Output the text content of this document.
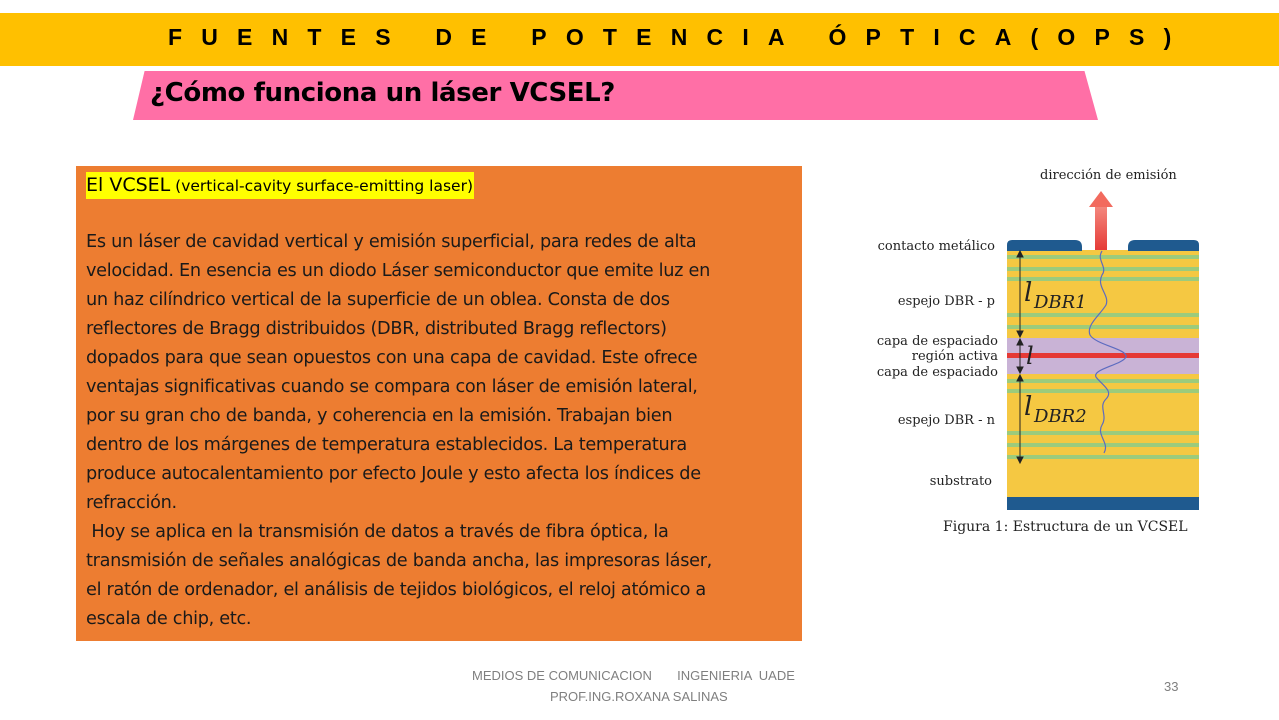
FUENTES DE POTENCIA ÓPTICA(OPS)
¿Cómo funciona un láser VCSEL?
El VCSEL (vertical-cavity surface-emitting laser)

Es un láser de cavidad vertical y emisión superficial, para redes de alta

velocidad. En esencia es un diodo Láser semiconductor que emite luz en

un haz cilíndrico vertical de la superficie de un oblea. Consta de dos

reflectores de Bragg distribuidos (DBR, distributed Bragg reflectors)

dopados para que sean opuestos con una capa de cavidad. Este ofrece

ventajas significativas cuando se compara con láser de emisión lateral,

por su gran cho de banda, y coherencia en la emisión. Trabajan bien

dentro de los márgenes de temperatura establecidos. La temperatura

produce autocalentamiento por efecto Joule y esto afecta los índices de

refracción.

Hoy se aplica en la transmisión de datos a través de fibra óptica, la

transmisión de señales analógicas de banda ancha, las impresoras láser,

el ratón de ordenador, el análisis de tejidos biológicos, el reloj atómico a

escala de chip, etc.

dirección de emisión
l DBR1
l
l DBR2
contacto metálico
espejo DBR - p
capa de espaciado
región activa
capa de espaciado
espejo DBR - n
substrato
Figura 1: Estructura de un VCSEL
MEDIOS DE COMUNICACION       INGENIERIA  UADE
PROF.ING.ROXANA SALINAS
33
